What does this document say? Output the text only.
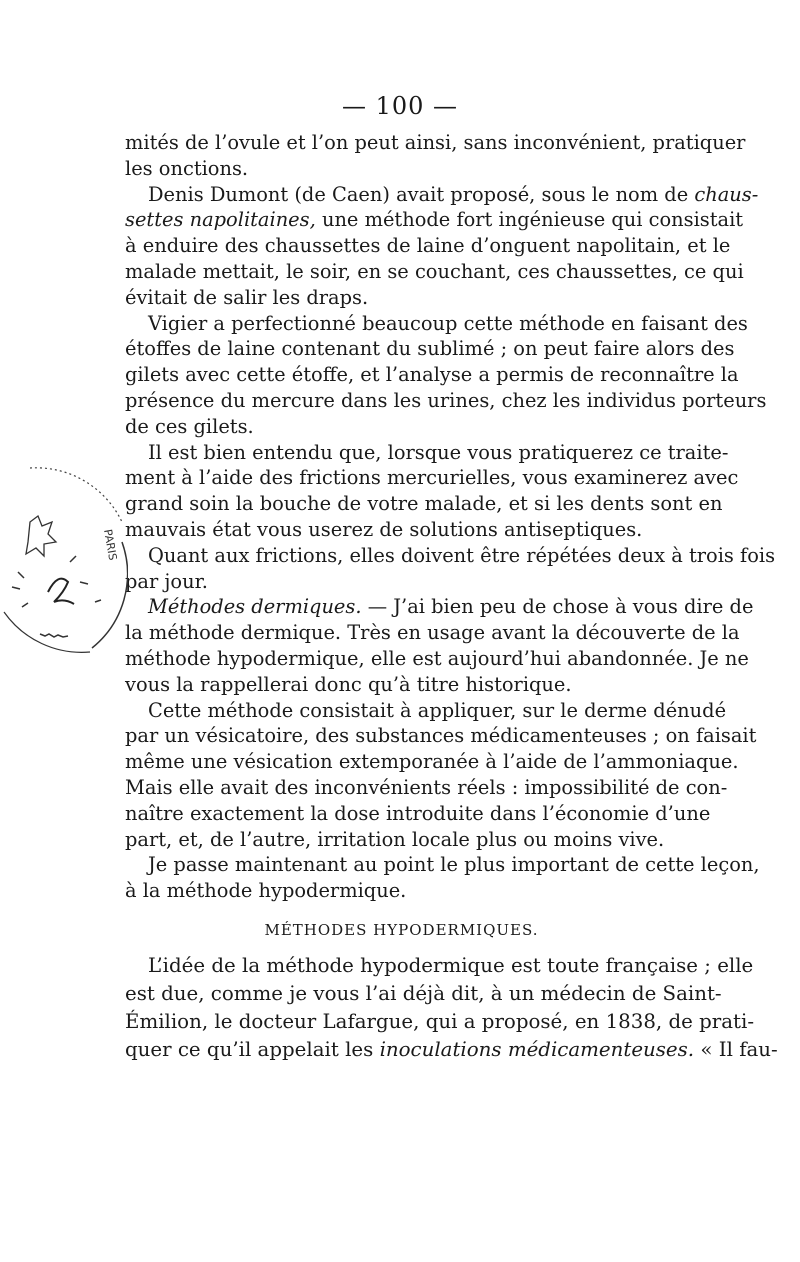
— 100 —
mités de l’ovule et l’on peut ainsi, sans inconvénient, pratiquer
les onctions.
Denis Dumont (de Caen) avait proposé, sous le nom de chaus-
settes napolitaines, une méthode fort ingénieuse qui consistait
à enduire des chaussettes de laine d’onguent napolitain, et le
malade mettait, le soir, en se couchant, ces chaussettes, ce qui
évitait de salir les draps.
Vigier a perfectionné beaucoup cette méthode en faisant des
étoffes de laine contenant du sublimé ; on peut faire alors des
gilets avec cette étoffe, et l’analyse a permis de reconnaître la
présence du mercure dans les urines, chez les individus porteurs
de ces gilets.
Il est bien entendu que, lorsque vous pratiquerez ce traite-
ment à l’aide des frictions mercurielles, vous examinerez avec
grand soin la bouche de votre malade, et si les dents sont en
mauvais état vous userez de solutions antiseptiques.
Quant aux frictions, elles doivent être répétées deux à trois fois
par jour.
Méthodes dermiques. — J’ai bien peu de chose à vous dire de
la méthode dermique. Très en usage avant la découverte de la
méthode hypodermique, elle est aujourd’hui abandonnée. Je ne
vous la rappellerai donc qu’à titre historique.
Cette méthode consistait à appliquer, sur le derme dénudé
par un vésicatoire, des substances médicamenteuses ; on faisait
même une vésication extemporanée à l’aide de l’ammoniaque.
Mais elle avait des inconvénients réels : impossibilité de con-
naître exactement la dose introduite dans l’économie d’une
part, et, de l’autre, irritation locale plus ou moins vive.
Je passe maintenant au point le plus important de cette leçon,
à la méthode hypodermique.
MÉTHODES HYPODERMIQUES.
L’idée de la méthode hypodermique est toute française ; elle
est due, comme je vous l’ai déjà dit, à un médecin de Saint-
Émilion, le docteur Lafargue, qui a proposé, en 1838, de prati-
quer ce qu’il appelait les inoculations médicamenteuses. « Il fau-
PARIS
